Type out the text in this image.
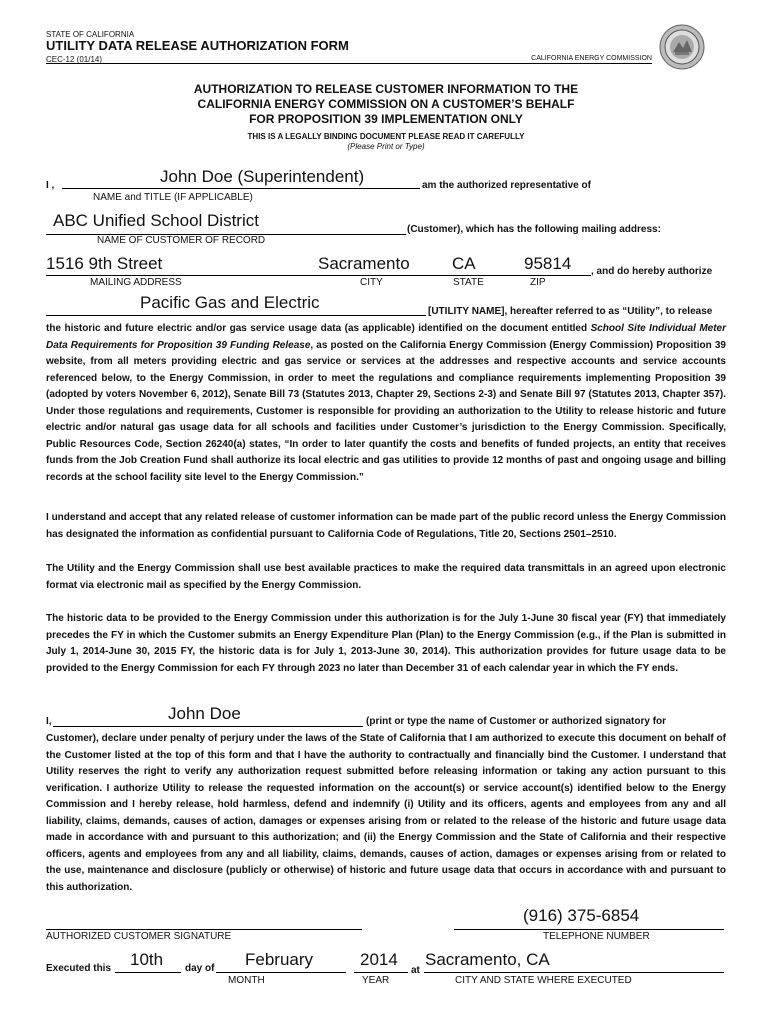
STATE OF CALIFORNIA
UTILITY DATA RELEASE AUTHORIZATION FORM
CEC-12 (01/14)	CALIFORNIA ENERGY COMMISSION
AUTHORIZATION TO RELEASE CUSTOMER INFORMATION TO THE
CALIFORNIA ENERGY COMMISSION ON A CUSTOMER’S BEHALF
FOR PROPOSITION 39 IMPLEMENTATION ONLY
THIS IS A LEGALLY BINDING DOCUMENT PLEASE READ IT CAREFULLY
(Please Print or Type)
I ,	John Doe (Superintendent)	am the authorized representative of
NAME and TITLE (IF APPLICABLE)
ABC Unified School District	(Customer), which has the following mailing address:
NAME OF CUSTOMER OF RECORD
1516 9th Street	Sacramento CA	95814 , and do hereby authorize
MAILING ADDRESS	CITY	STATE	ZIP
Pacific Gas and Electric	[UTILITY NAME], hereafter referred to as “Utility”, to release
the historic and future electric and/or gas service usage data (as applicable) identified on the document entitled School Site Individual Meter Data Requirements for Proposition 39 Funding Release, as posted on the California Energy Commission (Energy Commission) Proposition 39 website, from all meters providing electric and gas service or services at the addresses and respective accounts and service accounts referenced below, to the Energy Commission, in order to meet the regulations and compliance requirements implementing Proposition 39 (adopted by voters November 6, 2012), Senate Bill 73 (Statutes 2013, Chapter 29, Sections 2-3) and Senate Bill 97 (Statutes 2013, Chapter 357). Under those regulations and requirements, Customer is responsible for providing an authorization to the Utility to release historic and future electric and/or natural gas usage data for all schools and facilities under Customer’s jurisdiction to the Energy Commission. Specifically, Public Resources Code, Section 26240(a) states, “In order to later quantify the costs and benefits of funded projects, an entity that receives funds from the Job Creation Fund shall authorize its local electric and gas utilities to provide 12 months of past and ongoing usage and billing records at the school facility site level to the Energy Commission.”
I understand and accept that any related release of customer information can be made part of the public record unless the Energy Commission has designated the information as confidential pursuant to California Code of Regulations, Title 20, Sections 2501–2510.
The Utility and the Energy Commission shall use best available practices to make the required data transmittals in an agreed upon electronic format via electronic mail as specified by the Energy Commission.
The historic data to be provided to the Energy Commission under this authorization is for the July 1-June 30 fiscal year (FY) that immediately precedes the FY in which the Customer submits an Energy Expenditure Plan (Plan) to the Energy Commission (e.g., if the Plan is submitted in July 1, 2014-June 30, 2015 FY, the historic data is for July 1, 2013-June 30, 2014). This authorization provides for future usage data to be provided to the Energy Commission for each FY through 2023 no later than December 31 of each calendar year in which the FY ends.
I,	John Doe	(print or type the name of Customer or authorized signatory for
Customer), declare under penalty of perjury under the laws of the State of California that I am authorized to execute this document on behalf of the Customer listed at the top of this form and that I have the authority to contractually and financially bind the Customer. I understand that Utility reserves the right to verify any authorization request submitted before releasing information or taking any action pursuant to this verification. I authorize Utility to release the requested information on the account(s) or service account(s) identified below to the Energy Commission and I hereby release, hold harmless, defend and indemnify (i) Utility and its officers, agents and employees from any and all liability, claims, demands, causes of action, damages or expenses arising from or related to the release of the historic and future usage data made in accordance with and pursuant to this authorization; and (ii) the Energy Commission and the State of California and their respective officers, agents and employees from any and all liability, claims, demands, causes of action, damages or expenses arising from or related to the use, maintenance and disclosure (publicly or otherwise) of historic and future usage data that occurs in accordance with and pursuant to this authorization.
AUTHORIZED CUSTOMER SIGNATURE
(916) 375-6854
TELEPHONE NUMBER
Executed this 10th day of February
MONTH
2014
YEAR
at
Sacramento, CA
CITY AND STATE WHERE EXECUTED
